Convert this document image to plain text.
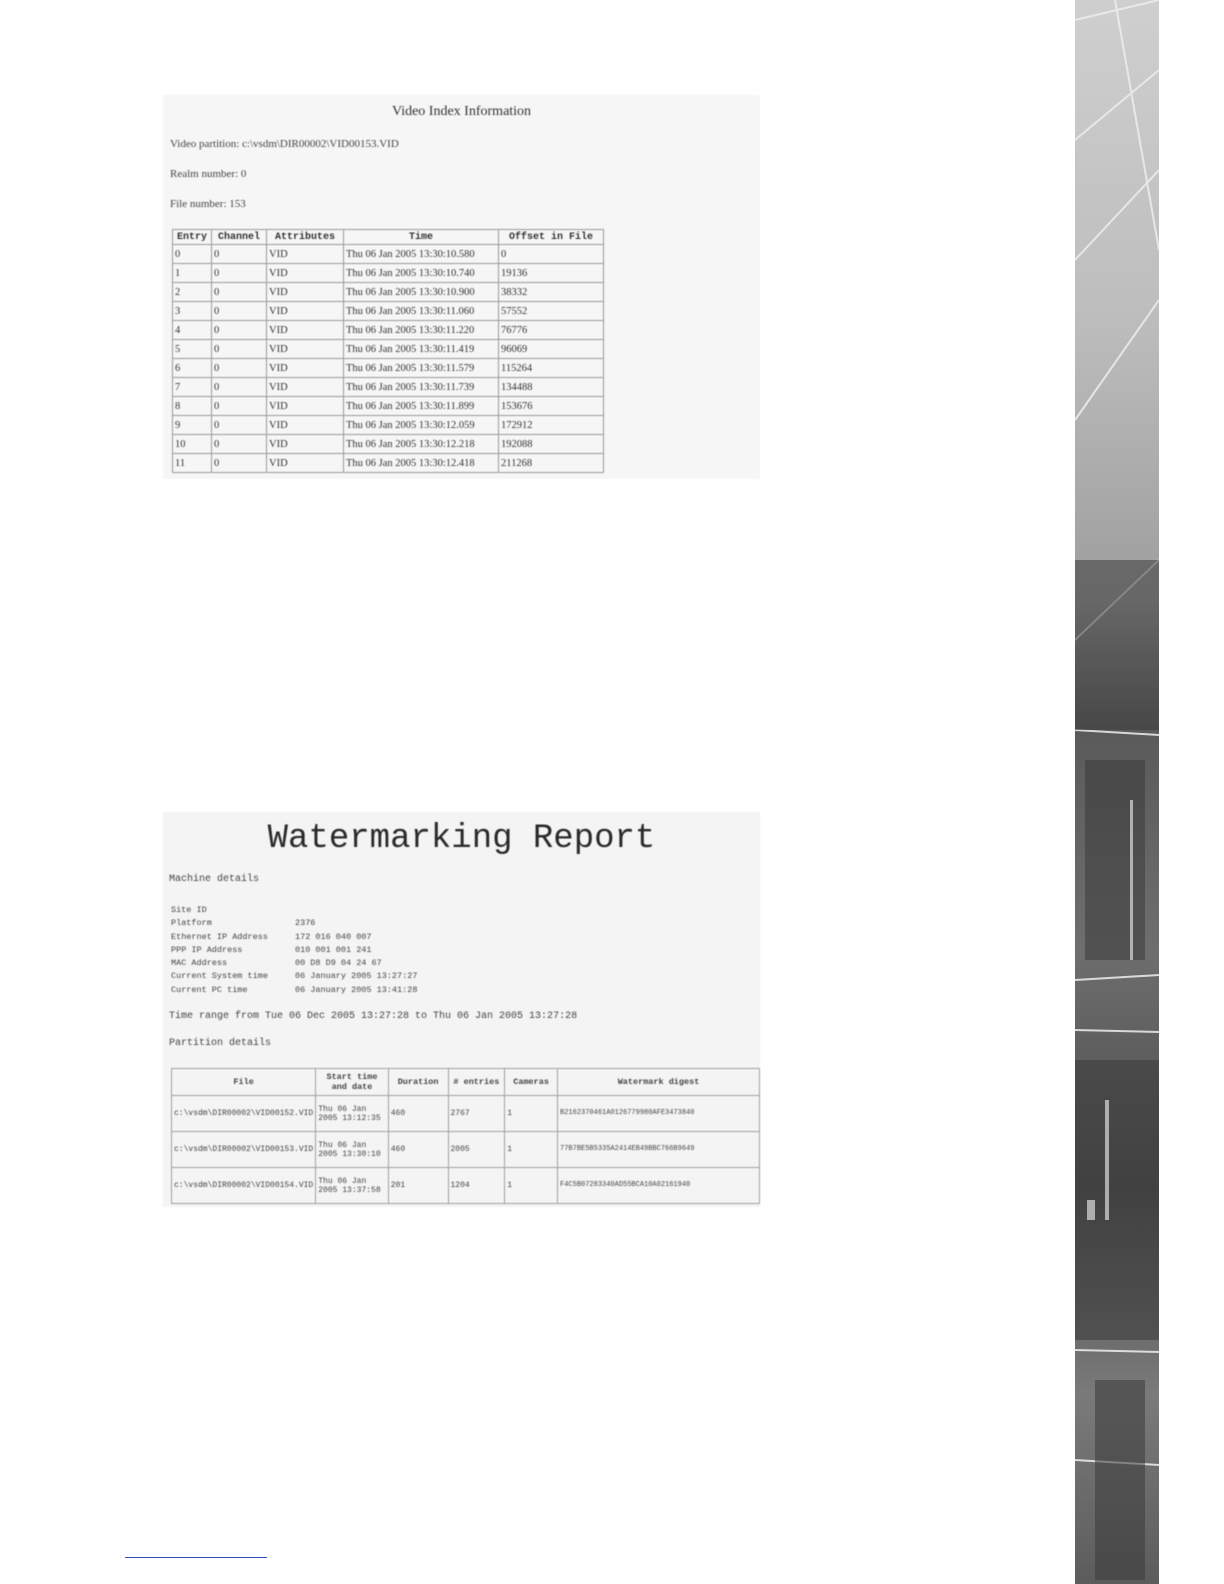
Video Index Information
Video partition: c:\vsdm\DIR00002\VID00153.VID
Realm number: 0
File number: 153
Entry	Channel	Attributes	Time	Offset in File
0	0	VID	Thu 06 Jan 2005 13:30:10.580	0
1	0	VID	Thu 06 Jan 2005 13:30:10.740	19136
2	0	VID	Thu 06 Jan 2005 13:30:10.900	38332
3	0	VID	Thu 06 Jan 2005 13:30:11.060	57552
4	0	VID	Thu 06 Jan 2005 13:30:11.220	76776
5	0	VID	Thu 06 Jan 2005 13:30:11.419	96069
6	0	VID	Thu 06 Jan 2005 13:30:11.579	115264
7	0	VID	Thu 06 Jan 2005 13:30:11.739	134488
8	0	VID	Thu 06 Jan 2005 13:30:11.899	153676
9	0	VID	Thu 06 Jan 2005 13:30:12.059	172912
10	0	VID	Thu 06 Jan 2005 13:30:12.218	192088
11	0	VID	Thu 06 Jan 2005 13:30:12.418	211268
Watermarking Report
Machine details
Site ID
Platform	2376
Ethernet IP Address	172 016 040 007
PPP IP Address	010 001 001 241
MAC Address	00 D8 D9 04 24 67
Current System time	06 January 2005 13:27:27
Current PC time	06 January 2005 13:41:28
Time range from Tue 06 Dec 2005 13:27:28 to Thu 06 Jan 2005 13:27:28
Partition details
File	Start time and date	Duration	# entries	Cameras	Watermark digest
c:\vsdm\DIR00002\VID00152.VID	Thu 06 Jan 2005 13:12:35	460	2767	1	B2162370461A0126779980AFE3473840
c:\vsdm\DIR00002\VID00153.VID	Thu 06 Jan 2005 13:30:10	460	2005	1	77B7BE5B5335A2414EB49BBC766B9649
c:\vsdm\DIR00002\VID00154.VID	Thu 06 Jan 2005 13:37:58	201	1204	1	F4C5B07283340AD55BCA10A02161940
